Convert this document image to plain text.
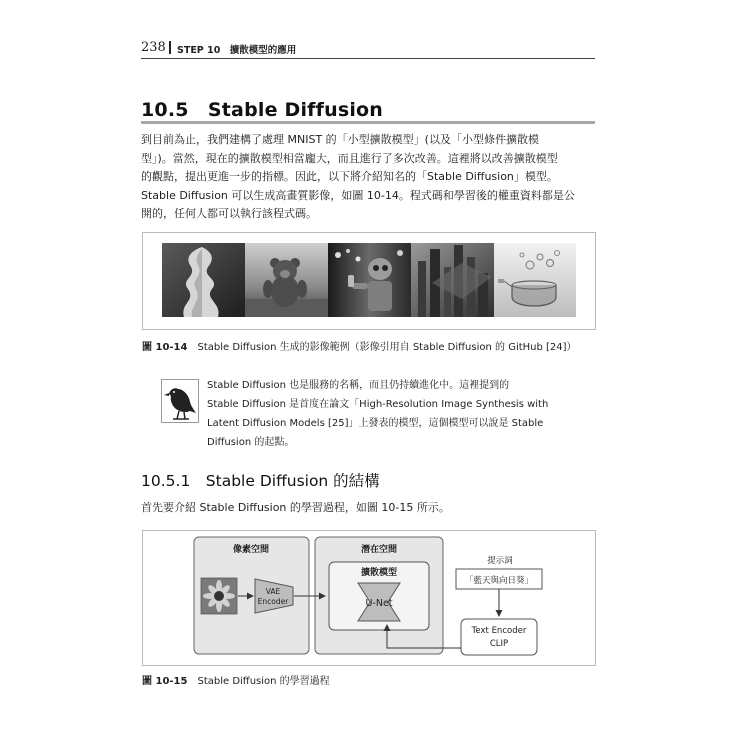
238 STEP 10　擴散模型的應用
10.5　Stable Diffusion

到目前為止，我們建構了處理 MNIST 的「小型擴散模型」(以及「小型條件擴散模

型」)。當然，現在的擴散模型相當龐大，而且進行了多次改善。這裡將以改善擴散模型

的觀點，提出更進一步的指標。因此，以下將介紹知名的「Stable Diffusion」模型。

Stable Diffusion 可以生成高畫質影像，如圖 10-14。程式碼和學習後的權重資料都是公

開的，任何人都可以執行該程式碼。

圖 10-14　Stable Diffusion 生成的影像範例（影像引用自 Stable Diffusion 的 GitHub [24]）

Stable Diffusion 也是服務的名稱，而且仍持續進化中。這裡提到的

Stable Diffusion 是首度在論文「High-Resolution Image Synthesis with

Latent Diffusion Models [25]」上發表的模型，這個模型可以說是 Stable

Diffusion 的起點。

10.5.1　Stable Diffusion 的結構
首先要介紹 Stable Diffusion 的學習過程，如圖 10-15 所示。
像素空間	潛在空間
擴散模型
VAE
Encoder	U-Net
提示詞
「藍天與向日葵」
Text Encoder
CLIP
圖 10-15　Stable Diffusion 的學習過程
